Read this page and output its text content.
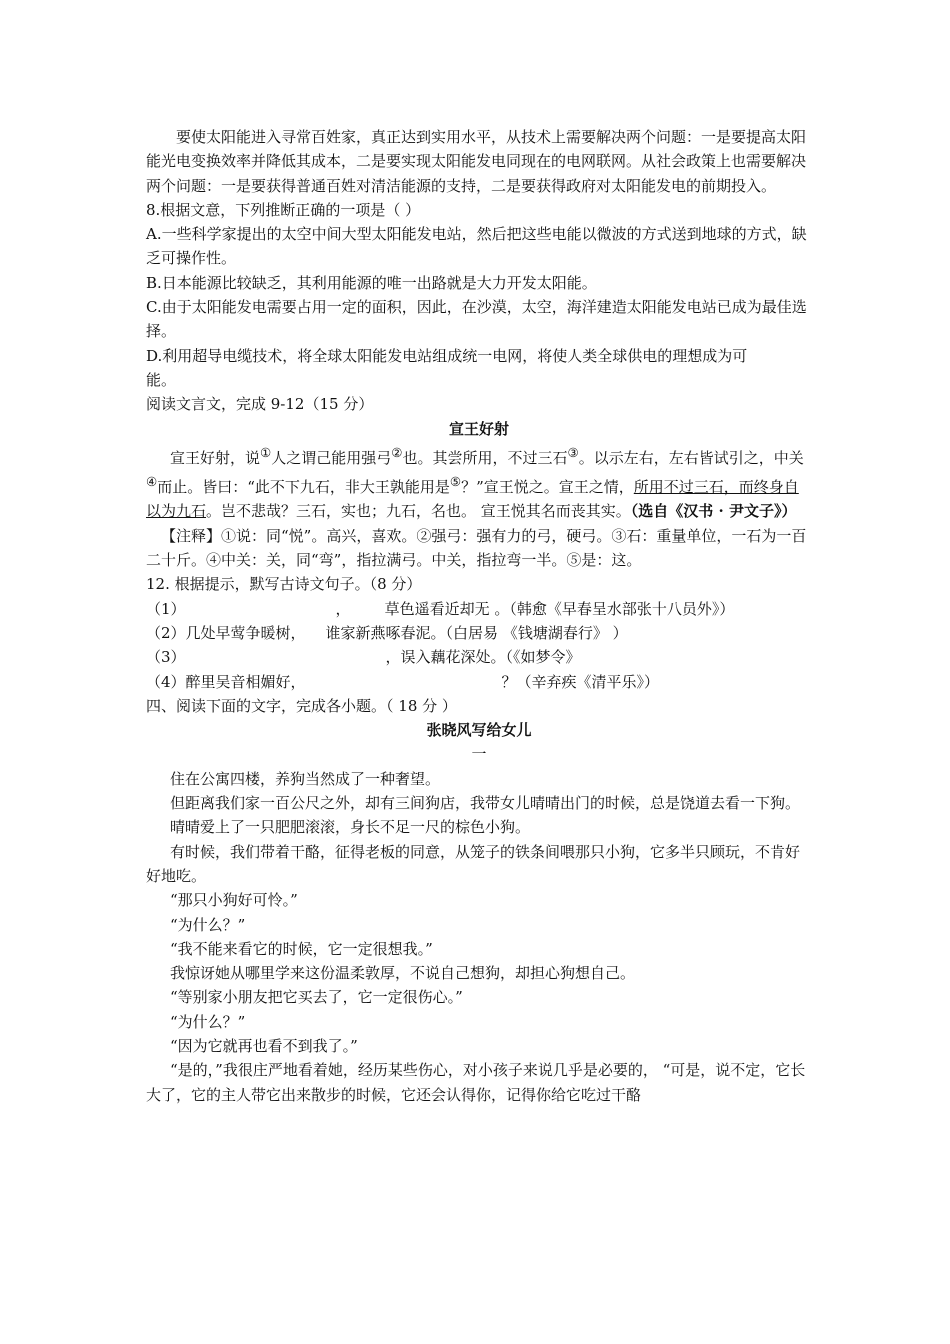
要使太阳能进入寻常百姓家，真正达到实用水平，从技术上需要解决两个问题：一是要提高太阳能光电变换效率并降低其成本，二是要实现太阳能发电同现在的电网联网。从社会政策上也需要解决两个问题：一是要获得普通百姓对清洁能源的支持，二是要获得政府对太阳能发电的前期投入。

8.根据文意，下列推断正确的一项是（ ）

A.一些科学家提出的太空中间大型太阳能发电站，然后把这些电能以微波的方式送到地球的方式，缺乏可操作性。

B.日本能源比较缺乏，其利用能源的唯一出路就是大力开发太阳能。

C.由于太阳能发电需要占用一定的面积，因此，在沙漠，太空，海洋建造太阳能发电站已成为最佳选择。

D.利用超导电缆技术，将全球太阳能发电站组成统一电网，将使人类全球供电的理想成为可

能。

阅读文言文，完成 9-12（15 分）

宣王好射

宣王好射，说①人之谓己能用强弓②也。其尝所用，不过三石③。以示左右，左右皆试引之，中关④而止。皆曰：“此不下九石，非大王孰能用是⑤？”宣王悦之。宣王之情，所用不过三石，而终身自以为九石。岂不悲哉？三石，实也；九石，名也。 宣王悦其名而丧其实。（选自《汉书 · 尹文子》）

【注释】①说：同“悦”。高兴，喜欢。②强弓：强有力的弓，硬弓。③石：重量单位，一石为一百二十斤。④中关：关，同“弯”，指拉满弓。中关，指拉弯一半。⑤是：这。

12. 根据提示，默写古诗文句子。（8 分）

（1）	， 草色遥看近却无 。（韩愈《早春呈水部张十八员外》）

（2）几处早莺争暖树， 谁家新燕啄春泥。（白居易 《钱塘湖春行》 ）

（3）	，误入藕花深处。（《如梦令》

（4）醉里吴音相媚好，	？（辛弃疾《清平乐》）

四、阅读下面的文字，完成各小题。（ 18 分 ）

张晓风写给女儿

一

住在公寓四楼，养狗当然成了一种奢望。

但距离我们家一百公尺之外，却有三间狗店，我带女儿晴晴出门的时候，总是饶道去看一下狗。

晴晴爱上了一只肥肥滚滚，身长不足一尺的棕色小狗。

有时候，我们带着干酪，征得老板的同意，从笼子的铁条间喂那只小狗，它多半只顾玩，不肯好好地吃。

“那只小狗好可怜。”

“为什么？”

“我不能来看它的时候，它一定很想我。”

我惊讶她从哪里学来这份温柔敦厚，不说自己想狗，却担心狗想自己。

“等别家小朋友把它买去了，它一定很伤心。”

“为什么？”

“因为它就再也看不到我了。”

“是的，”我很庄严地看着她，经历某些伤心，对小孩子来说几乎是必要的， “可是，说不定，它长大了，它的主人带它出来散步的时候，它还会认得你，记得你给它吃过干酪
